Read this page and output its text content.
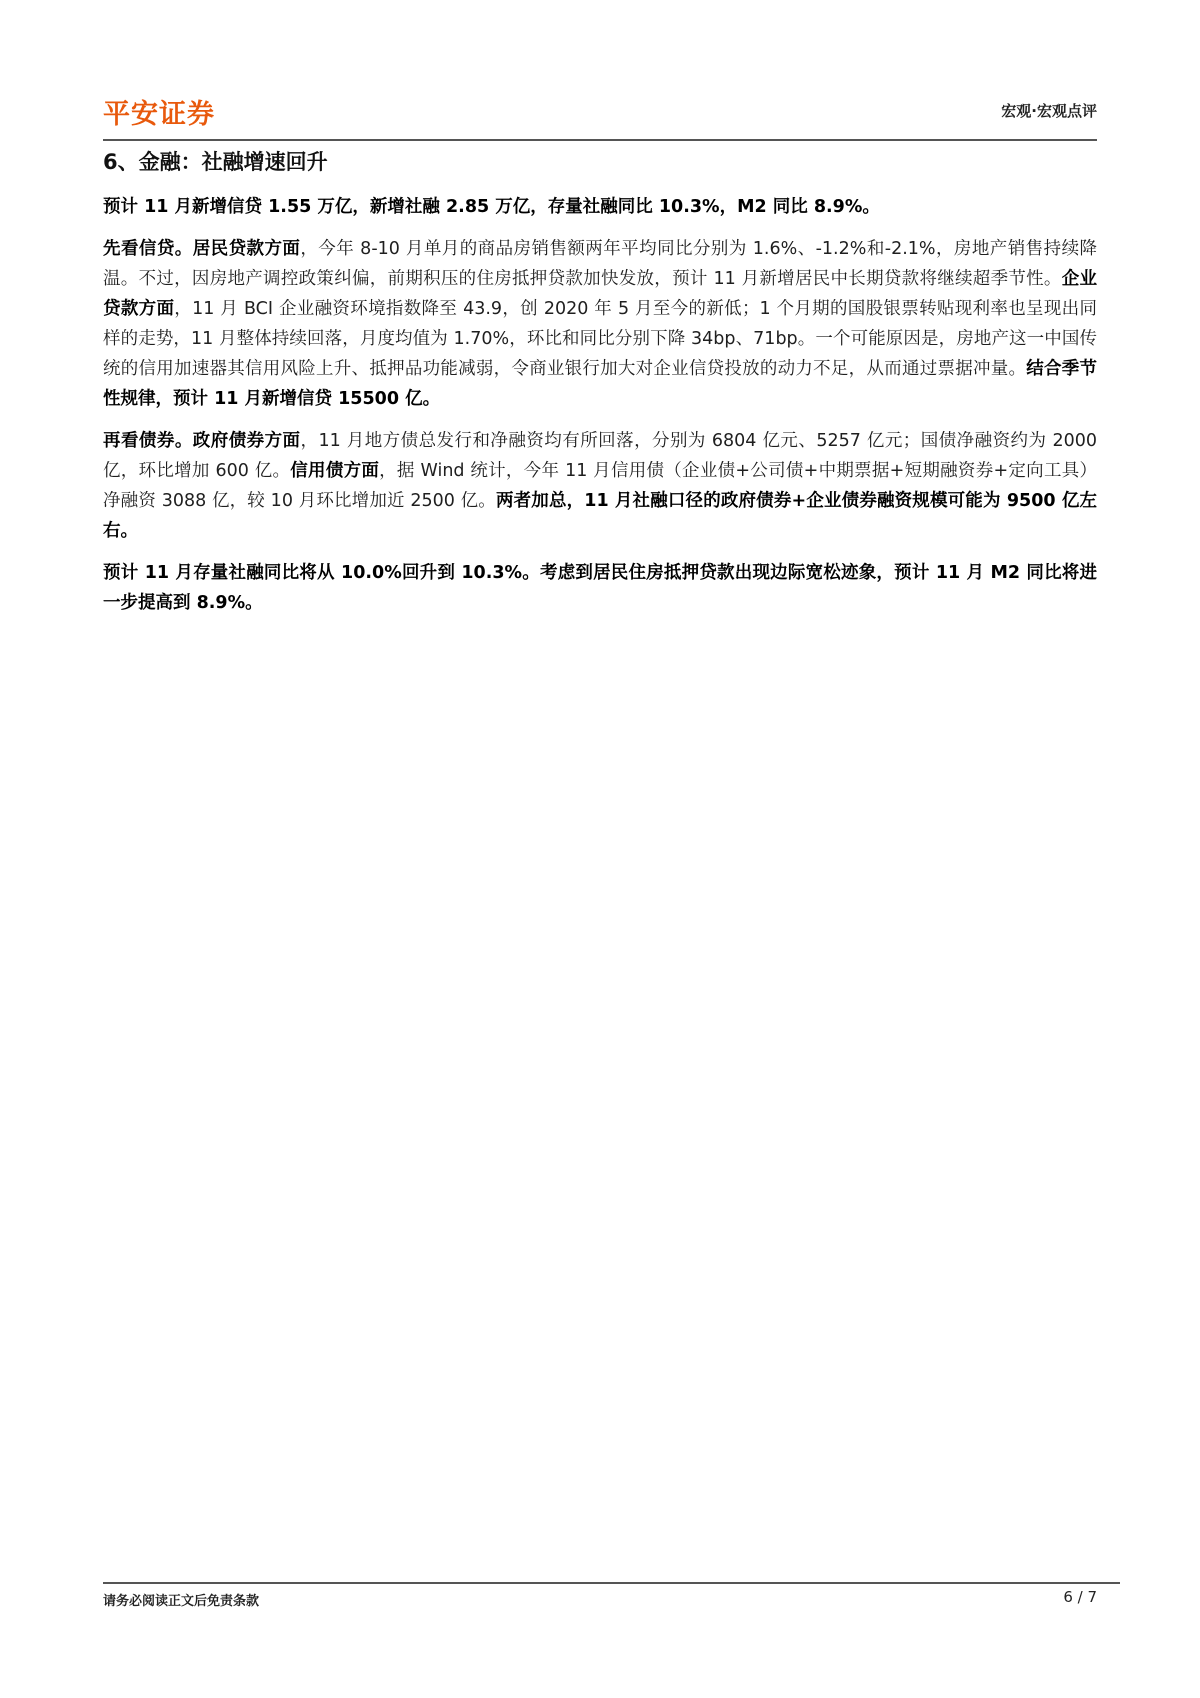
平安证券	宏观·宏观点评
6、金融：社融增速回升

预计 11 月新增信贷 1.55 万亿，新增社融 2.85 万亿，存量社融同比 10.3%，M2 同比 8.9%。

先看信贷。居民贷款方面，今年 8-10 月单月的商品房销售额两年平均同比分别为 1.6%、-1.2%和-2.1%，房地产销售持续降温。不过，因房地产调控政策纠偏，前期积压的住房抵押贷款加快发放，预计 11 月新增居民中长期贷款将继续超季节性。企业贷款方面，11 月 BCI 企业融资环境指数降至 43.9，创 2020 年 5 月至今的新低；1 个月期的国股银票转贴现利率也呈现出同样的走势，11 月整体持续回落，月度均值为 1.70%，环比和同比分别下降 34bp、71bp。一个可能原因是，房地产这一中国传统的信用加速器其信用风险上升、抵押品功能减弱，令商业银行加大对企业信贷投放的动力不足，从而通过票据冲量。结合季节性规律，预计 11 月新增信贷 15500 亿。

再看债券。政府债券方面，11 月地方债总发行和净融资均有所回落，分别为 6804 亿元、5257 亿元；国债净融资约为 2000 亿，环比增加 600 亿。信用债方面，据 Wind 统计，今年 11 月信用债（企业债+公司债+中期票据+短期融资券+定向工具）净融资 3088 亿，较 10 月环比增加近 2500 亿。两者加总，11 月社融口径的政府债券+企业债券融资规模可能为 9500 亿左右。

预计 11 月存量社融同比将从 10.0%回升到 10.3%。考虑到居民住房抵押贷款出现边际宽松迹象，预计 11 月 M2 同比将进一步提高到 8.9%。

请务必阅读正文后免责条款	6 / 7
